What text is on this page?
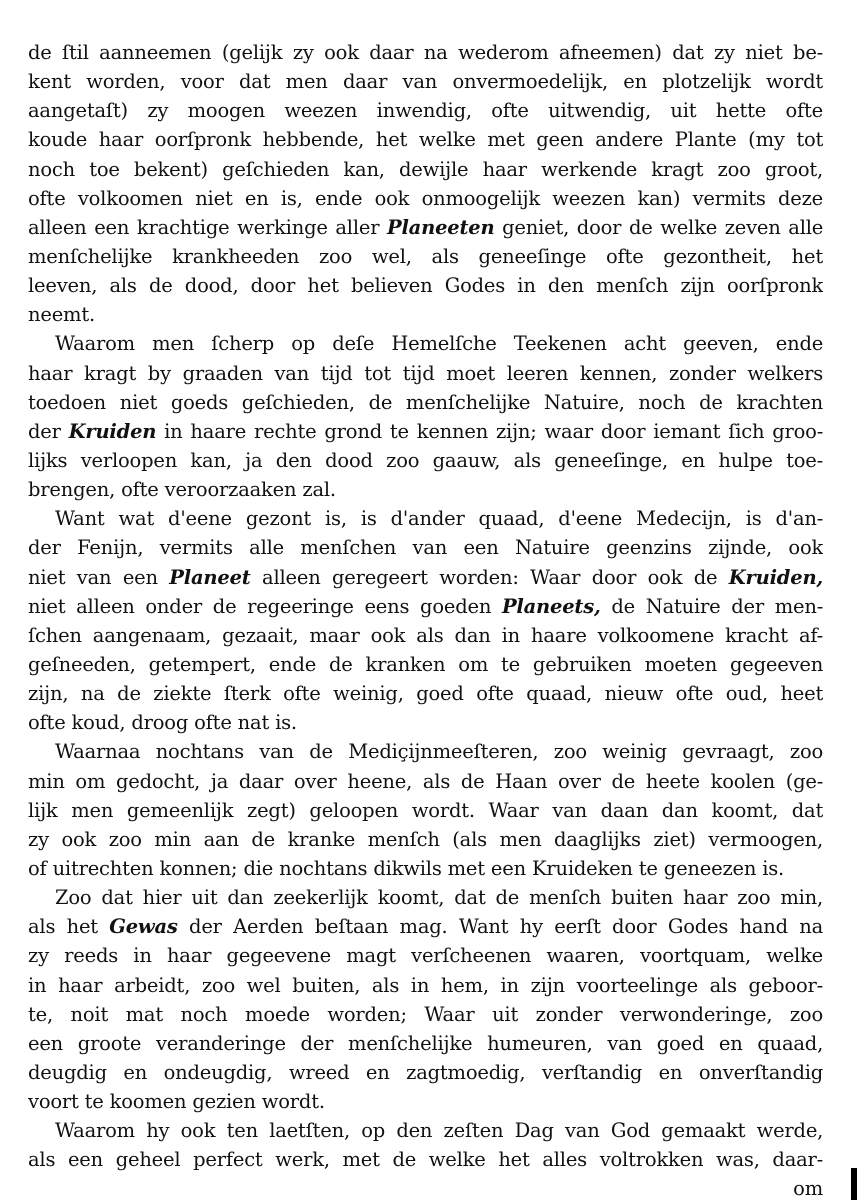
de ſtil aanneemen (gelijk zy ook daar na wederom afneemen) dat zy niet be-
kent worden, voor dat men daar van onvermoedelijk, en plotzelijk wordt
aangetaſt) zy moogen weezen inwendig, ofte uitwendig, uit hette ofte
koude haar oorſpronk hebbende, het welke met geen andere Plante (my tot
noch toe bekent) geſchieden kan, dewijle haar werkende kragt zoo groot,
ofte volkoomen niet en is, ende ook onmoogelijk weezen kan) vermits deze
alleen een krachtige werkinge aller Planeeten geniet, door de welke zeven alle
menſchelijke krankheeden zoo wel, als geneeſinge ofte gezontheit, het
leeven, als de dood, door het believen Godes in den menſch zijn oorſpronk
neemt.
Waarom men ſcherp op deſe Hemelſche Teekenen acht geeven, ende
haar kragt by graaden van tijd tot tijd moet leeren kennen, zonder welkers
toedoen niet goeds geſchieden, de menſchelijke Natuire, noch de krachten
der Kruiden in haare rechte grond te kennen zijn; waar door iemant ſich groo-
lijks verloopen kan, ja den dood zoo gaauw, als geneeſinge, en hulpe toe-
brengen, ofte veroorzaaken zal.
Want wat d'eene gezont is, is d'ander quaad, d'eene Medecijn, is d'an-
der Fenijn, vermits alle menſchen van een Natuire geenzins zijnde, ook
niet van een Planeet alleen geregeert worden: Waar door ook de Kruiden,
niet alleen onder de regeeringe eens goeden Planeets, de Natuire der men-
ſchen aangenaam, gezaait, maar ook als dan in haare volkoomene kracht af-
geſneeden, getempert, ende de kranken om te gebruiken moeten gegeeven
zijn, na de ziekte ſterk ofte weinig, goed ofte quaad, nieuw ofte oud, heet
ofte koud, droog ofte nat is.
Waarnaa nochtans van de Mediçijnmeeſteren, zoo weinig gevraagt, zoo
min om gedocht, ja daar over heene, als de Haan over de heete koolen (ge-
lijk men gemeenlijk zegt) geloopen wordt. Waar van daan dan koomt, dat
zy ook zoo min aan de kranke menſch (als men daaglijks ziet) vermoogen,
of uitrechten konnen; die nochtans dikwils met een Kruideken te geneezen is.
Zoo dat hier uit dan zeekerlijk koomt, dat de menſch buiten haar zoo min,
als het Gewas der Aerden beſtaan mag. Want hy eerſt door Godes hand na
zy reeds in haar gegeevene magt verſcheenen waaren, voortquam, welke
in haar arbeidt, zoo wel buiten, als in hem, in zijn voorteelinge als geboor-
te, noit mat noch moede worden; Waar uit zonder verwonderinge, zoo
een groote veranderinge der menſchelijke humeuren, van goed en quaad,
deugdig en ondeugdig, wreed en zagtmoedig, verſtandig en onverſtandig
voort te koomen gezien wordt.
Waarom hy ook ten laetſten, op den zeſten Dag van God gemaakt werde,
als een geheel perfect werk, met de welke het alles voltrokken was, daar-
om
